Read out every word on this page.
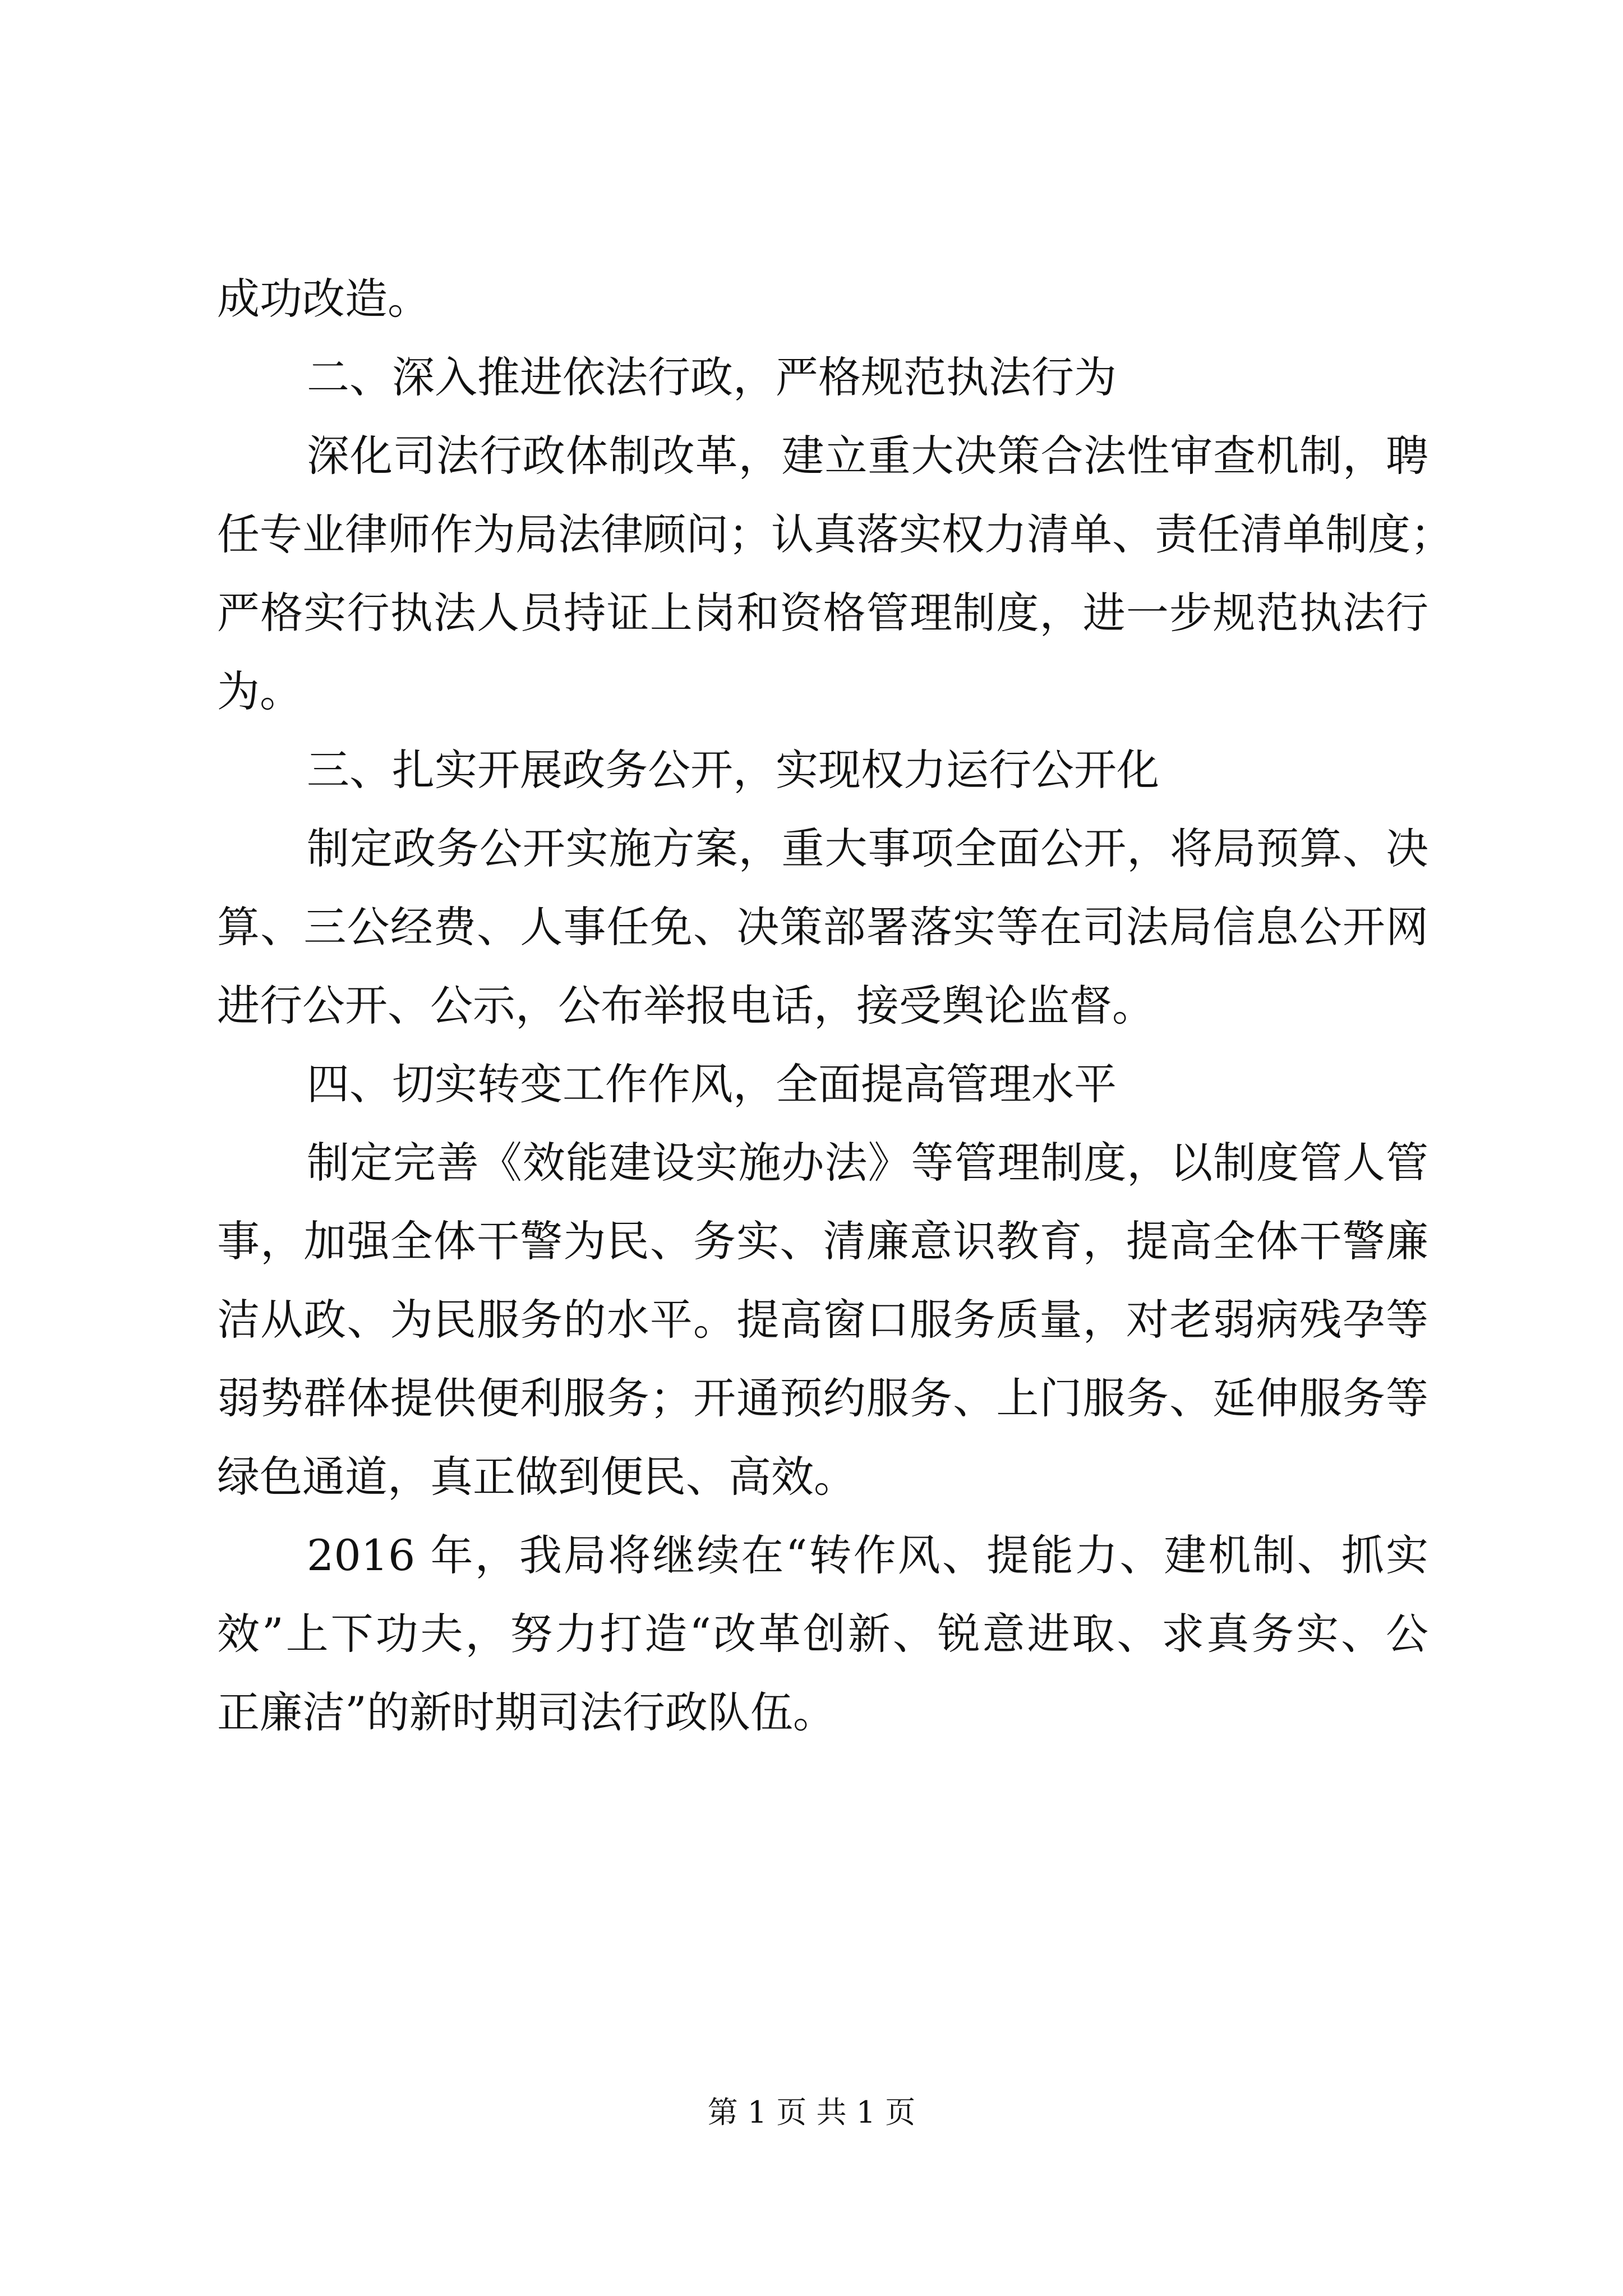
成功改造。
二、深入推进依法行政，严格规范执法行为
深化司法行政体制改革，建立重大决策合法性审查机制，聘
任专业律师作为局法律顾问；认真落实权力清单、责任清单制度；
严格实行执法人员持证上岗和资格管理制度，进一步规范执法行
为。
三、扎实开展政务公开，实现权力运行公开化
制定政务公开实施方案，重大事项全面公开，将局预算、决
算、三公经费、人事任免、决策部署落实等在司法局信息公开网
进行公开、公示，公布举报电话，接受舆论监督。
四、切实转变工作作风，全面提高管理水平
制定完善《效能建设实施办法》等管理制度，以制度管人管
事，加强全体干警为民、务实、清廉意识教育，提高全体干警廉
洁从政、为民服务的水平。提高窗口服务质量，对老弱病残孕等
弱势群体提供便利服务；开通预约服务、上门服务、延伸服务等
绿色通道，真正做到便民、高效。
2016 年，我局将继续在“转作风、提能力、建机制、抓实
效”上下功夫，努力打造“改革创新、锐意进取、求真务实、公
正廉洁”的新时期司法行政队伍。
第 1 页 共 1 页
